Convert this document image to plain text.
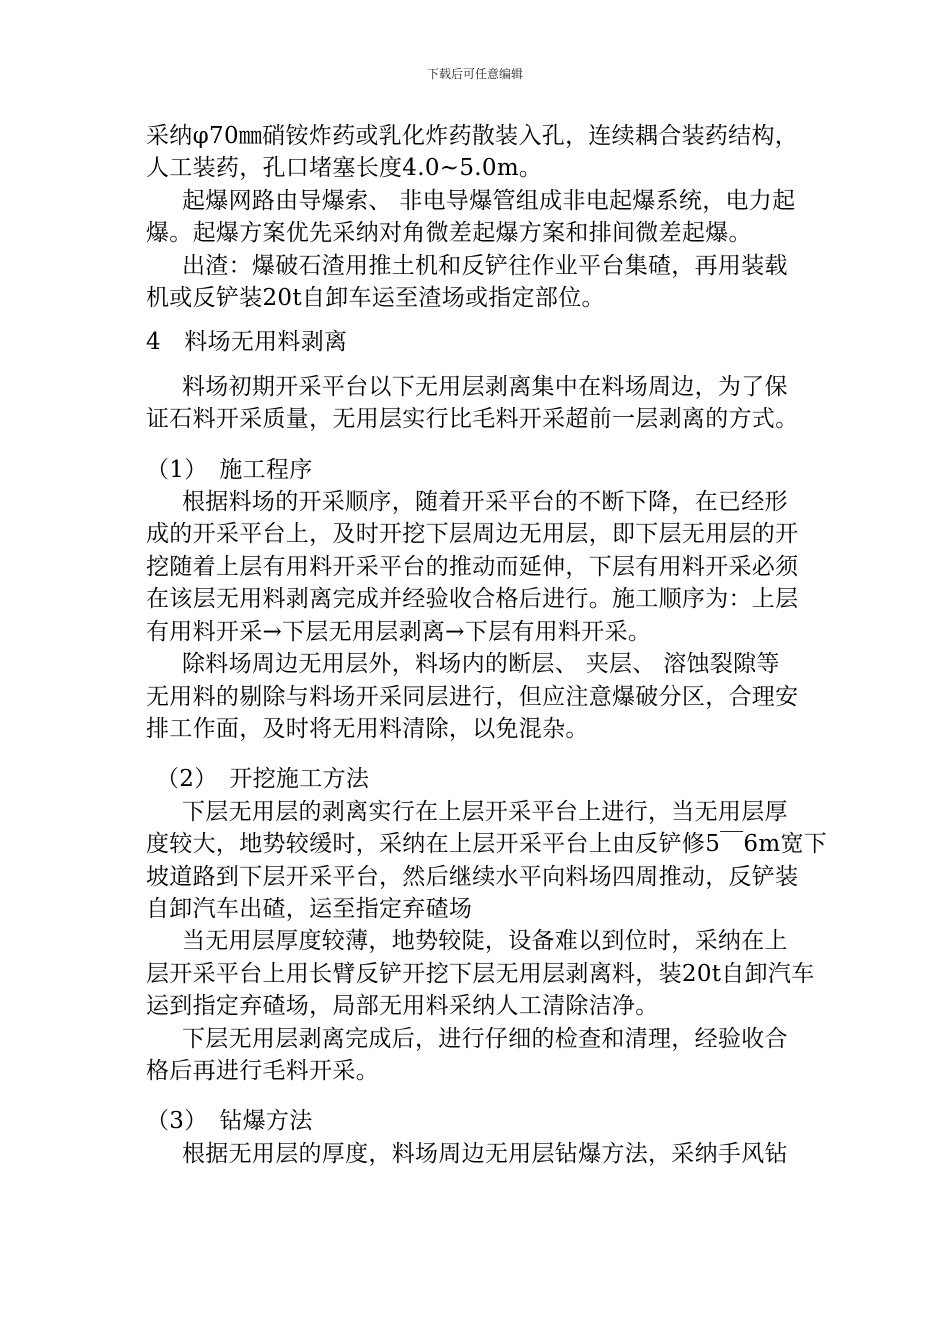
下载后可任意编辑

采纳φ70㎜硝铵炸药或乳化炸药散装入孔，连续耦合装药结构，

人工装药，孔口堵塞长度4.0~5.0m。

起爆网路由导爆索、 非电导爆管组成非电起爆系统，电力起

爆。起爆方案优先采纳对角微差起爆方案和排间微差起爆。

出渣：爆破石渣用推土机和反铲往作业平台集碴，再用装载

机或反铲装20t自卸车运至渣场或指定部位。

4　料场无用料剥离

料场初期开采平台以下无用层剥离集中在料场周边，为了保

证石料开采质量，无用层实行比毛料开采超前一层剥离的方式。

（1）　施工程序

根据料场的开采顺序，随着开采平台的不断下降，在已经形

成的开采平台上，及时开挖下层周边无用层，即下层无用层的开

挖随着上层有用料开采平台的推动而延伸，下层有用料开采必须

在该层无用料剥离完成并经验收合格后进行。施工顺序为：上层

有用料开采→下层无用层剥离→下层有用料开采。

除料场周边无用层外，料场内的断层、 夹层、 溶蚀裂隙等

无用料的剔除与料场开采同层进行，但应注意爆破分区，合理安

排工作面，及时将无用料清除，以免混杂。

（2）　开挖施工方法

下层无用层的剥离实行在上层开采平台上进行，当无用层厚

度较大，地势较缓时，采纳在上层开采平台上由反铲修5￣6m宽下

坡道路到下层开采平台，然后继续水平向料场四周推动，反铲装

自卸汽车出碴，运至指定弃碴场

当无用层厚度较薄，地势较陡，设备难以到位时，采纳在上

层开采平台上用长臂反铲开挖下层无用层剥离料，装20t自卸汽车

运到指定弃碴场，局部无用料采纳人工清除洁净。

下层无用层剥离完成后，进行仔细的检查和清理，经验收合

格后再进行毛料开采。

（3）　钻爆方法

根据无用层的厚度，料场周边无用层钻爆方法，采纳手风钻
